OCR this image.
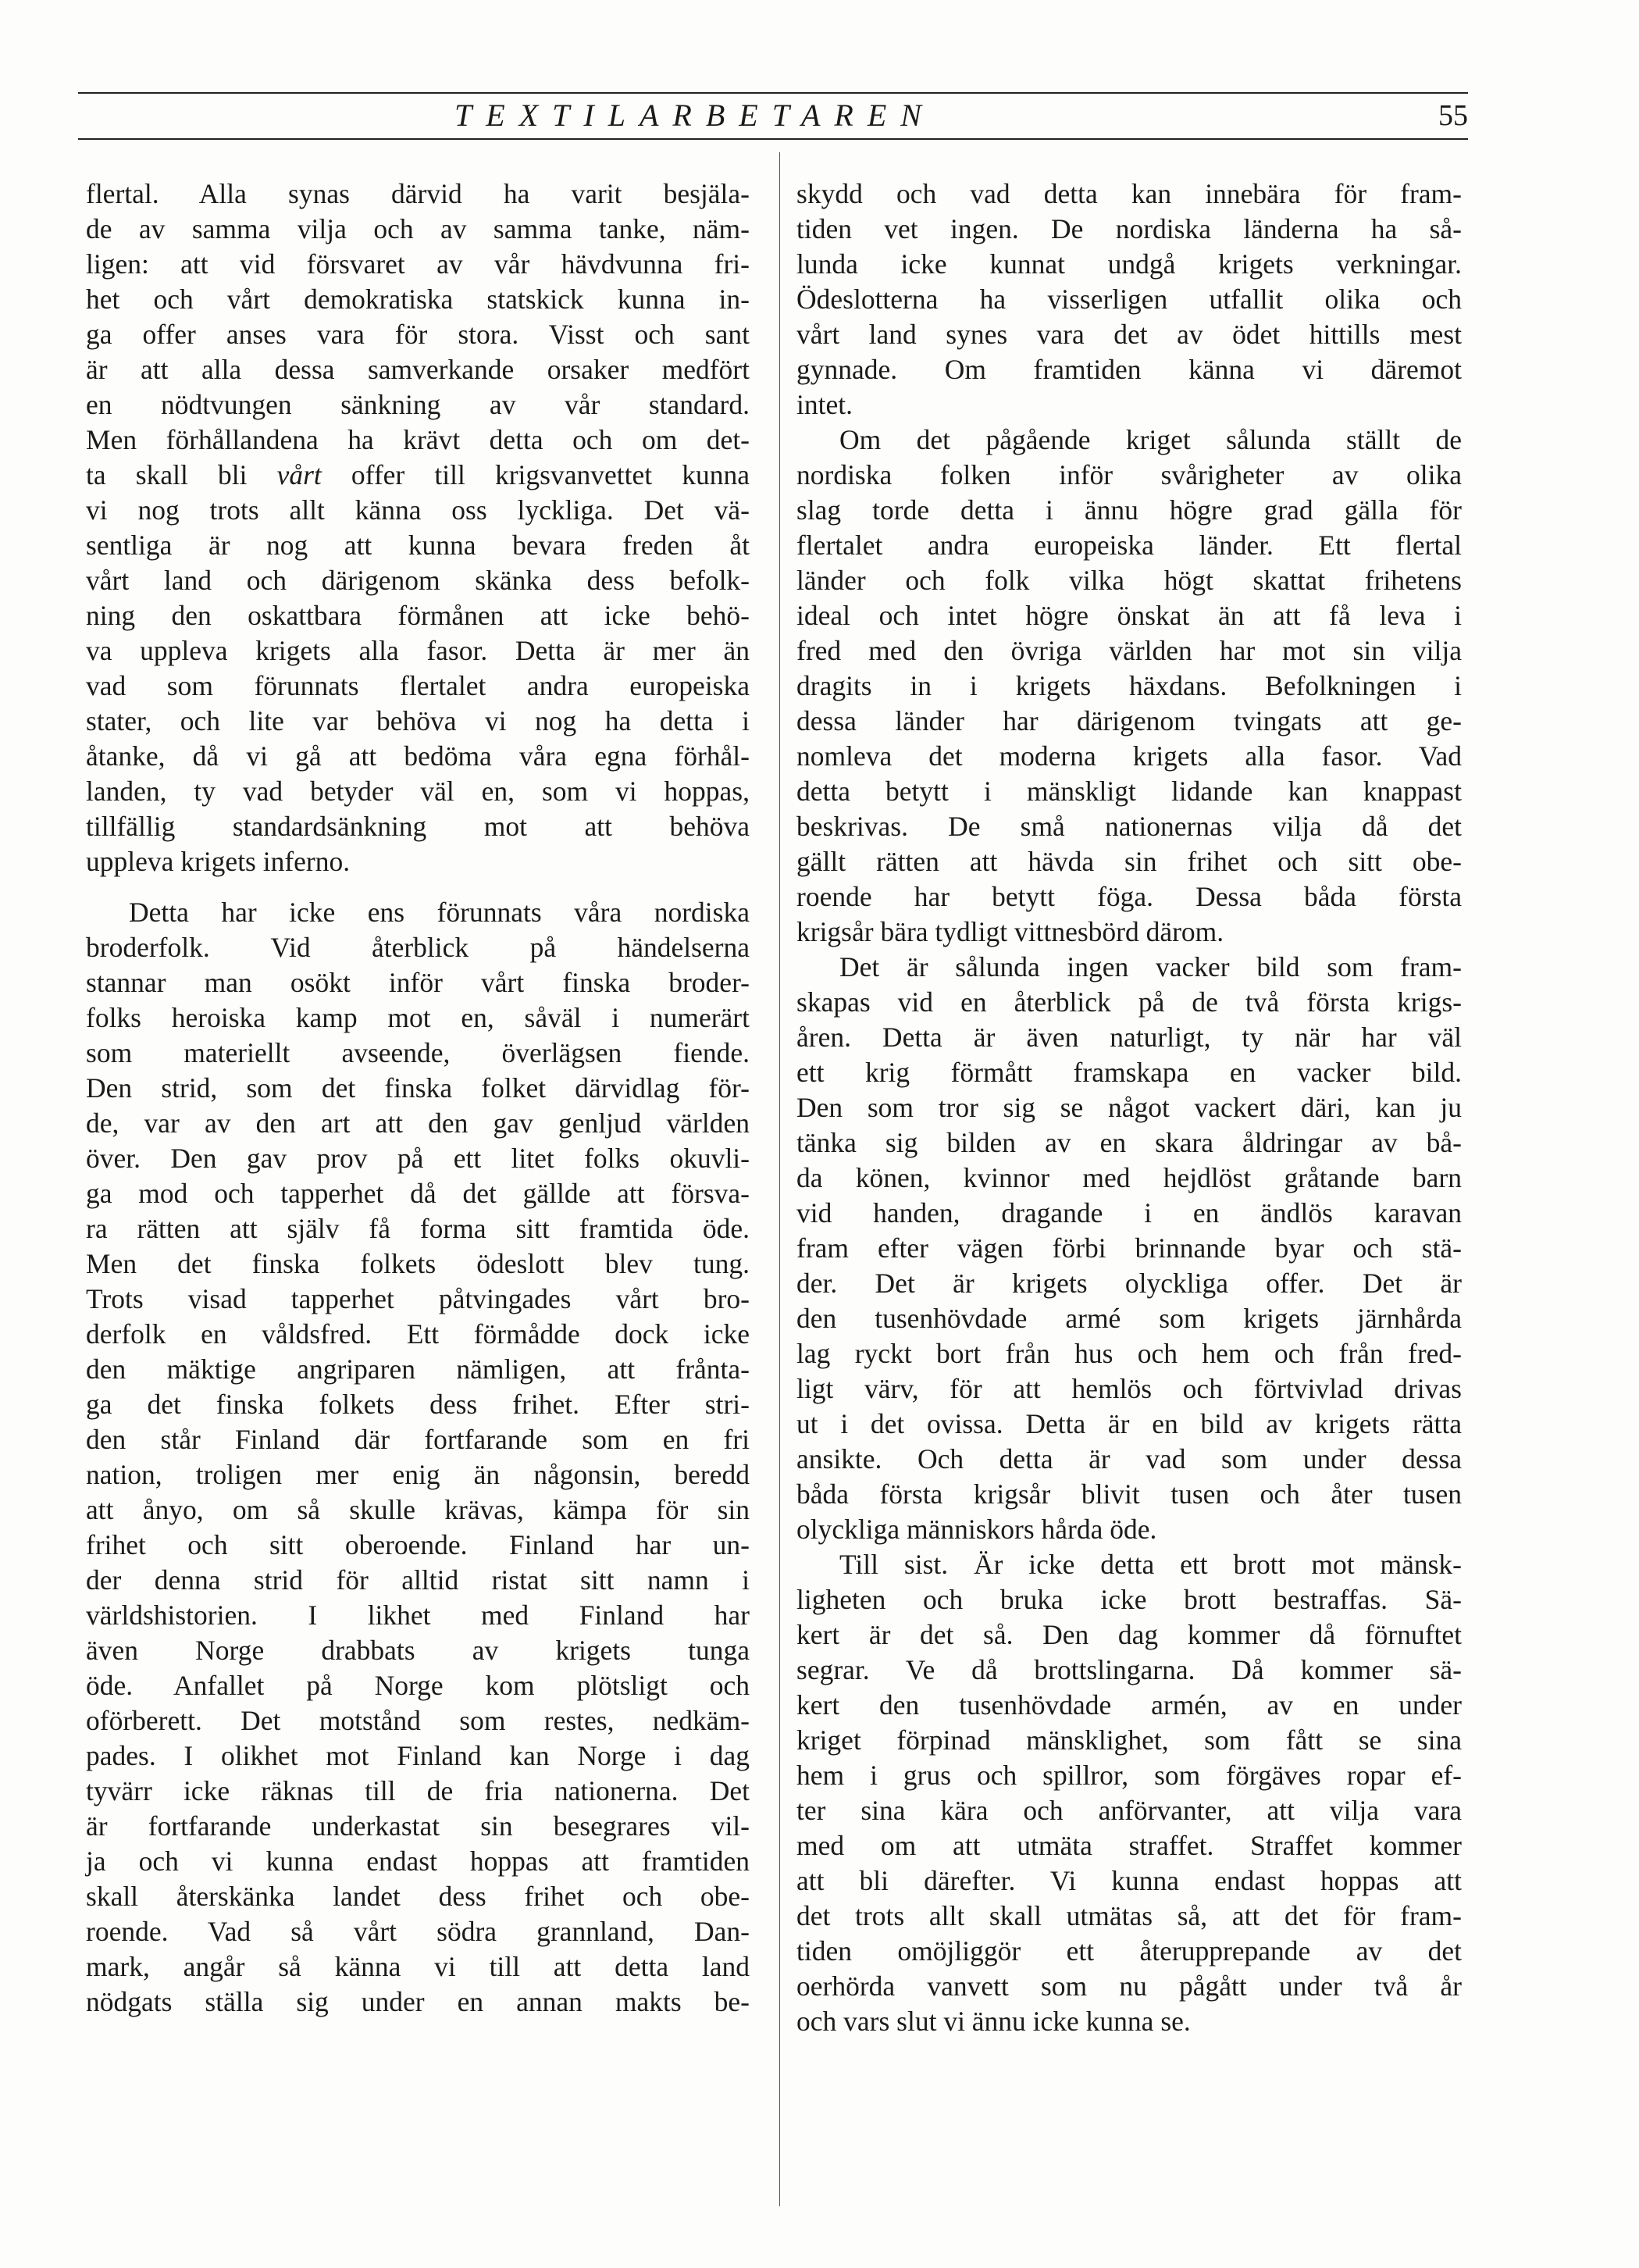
TEXTILARBETAREN	55
flertal. Alla synas därvid ha varit besjäla-
de av samma vilja och av samma tanke, näm-
ligen: att vid försvaret av vår hävdvunna fri-
het och vårt demokratiska statskick kunna in-
ga offer anses vara för stora. Visst och sant
är att alla dessa samverkande orsaker medfört
en nödtvungen sänkning av vår standard.
Men förhållandena ha krävt detta och om det-
ta skall bli vårt offer till krigsvanvettet kunna
vi nog trots allt känna oss lyckliga. Det vä-
sentliga är nog att kunna bevara freden åt
vårt land och därigenom skänka dess befolk-
ning den oskattbara förmånen att icke behö-
va uppleva krigets alla fasor. Detta är mer än
vad som förunnats flertalet andra europeiska
stater, och lite var behöva vi nog ha detta i
åtanke, då vi gå att bedöma våra egna förhål-
landen, ty vad betyder väl en, som vi hoppas,
tillfällig standardsänkning mot att behöva
uppleva krigets inferno.
Detta har icke ens förunnats våra nordiska
broderfolk. Vid återblick på händelserna
stannar man osökt inför vårt finska broder-
folks heroiska kamp mot en, såväl i numerärt
som materiellt avseende, överlägsen fiende.
Den strid, som det finska folket därvidlag för-
de, var av den art att den gav genljud världen
över. Den gav prov på ett litet folks okuvli-
ga mod och tapperhet då det gällde att försva-
ra rätten att själv få forma sitt framtida öde.
Men det finska folkets ödeslott blev tung.
Trots visad tapperhet påtvingades vårt bro-
derfolk en våldsfred. Ett förmådde dock icke
den mäktige angriparen nämligen, att frånta-
ga det finska folkets dess frihet. Efter stri-
den står Finland där fortfarande som en fri
nation, troligen mer enig än någonsin, beredd
att ånyo, om så skulle krävas, kämpa för sin
frihet och sitt oberoende. Finland har un-
der denna strid för alltid ristat sitt namn i
världshistorien. I likhet med Finland har
även Norge drabbats av krigets tunga
öde. Anfallet på Norge kom plötsligt och
oförberett. Det motstånd som restes, nedkäm-
pades. I olikhet mot Finland kan Norge i dag
tyvärr icke räknas till de fria nationerna. Det
är fortfarande underkastat sin besegrares vil-
ja och vi kunna endast hoppas att framtiden
skall återskänka landet dess frihet och obe-
roende. Vad så vårt södra grannland, Dan-
mark, angår så känna vi till att detta land
nödgats ställa sig under en annan makts be-
skydd och vad detta kan innebära för fram-
tiden vet ingen. De nordiska länderna ha så-
lunda icke kunnat undgå krigets verkningar.
Ödeslotterna ha visserligen utfallit olika och
vårt land synes vara det av ödet hittills mest
gynnade. Om framtiden känna vi däremot
intet.
Om det pågående kriget sålunda ställt de
nordiska folken inför svårigheter av olika
slag torde detta i ännu högre grad gälla för
flertalet andra europeiska länder. Ett flertal
länder och folk vilka högt skattat frihetens
ideal och intet högre önskat än att få leva i
fred med den övriga världen har mot sin vilja
dragits in i krigets häxdans. Befolkningen i
dessa länder har därigenom tvingats att ge-
nomleva det moderna krigets alla fasor. Vad
detta betytt i mänskligt lidande kan knappast
beskrivas. De små nationernas vilja då det
gällt rätten att hävda sin frihet och sitt obe-
roende har betytt föga. Dessa båda första
krigsår bära tydligt vittnesbörd därom.
Det är sålunda ingen vacker bild som fram-
skapas vid en återblick på de två första krigs-
åren. Detta är även naturligt, ty när har väl
ett krig förmått framskapa en vacker bild.
Den som tror sig se något vackert däri, kan ju
tänka sig bilden av en skara åldringar av bå-
da könen, kvinnor med hejdlöst gråtande barn
vid handen, dragande i en ändlös karavan
fram efter vägen förbi brinnande byar och stä-
der. Det är krigets olyckliga offer. Det är
den tusenhövdade armé som krigets järnhårda
lag ryckt bort från hus och hem och från fred-
ligt värv, för att hemlös och förtvivlad drivas
ut i det ovissa. Detta är en bild av krigets rätta
ansikte. Och detta är vad som under dessa
båda första krigsår blivit tusen och åter tusen
olyckliga människors hårda öde.
Till sist. Är icke detta ett brott mot mänsk-
ligheten och bruka icke brott bestraffas. Sä-
kert är det så. Den dag kommer då förnuftet
segrar. Ve då brottslingarna. Då kommer sä-
kert den tusenhövdade armén, av en under
kriget förpinad mänsklighet, som fått se sina
hem i grus och spillror, som förgäves ropar ef-
ter sina kära och anförvanter, att vilja vara
med om att utmäta straffet. Straffet kommer
att bli därefter. Vi kunna endast hoppas att
det trots allt skall utmätas så, att det för fram-
tiden omöjliggör ett återupprepande av det
oerhörda vanvett som nu pågått under två år
och vars slut vi ännu icke kunna se.
